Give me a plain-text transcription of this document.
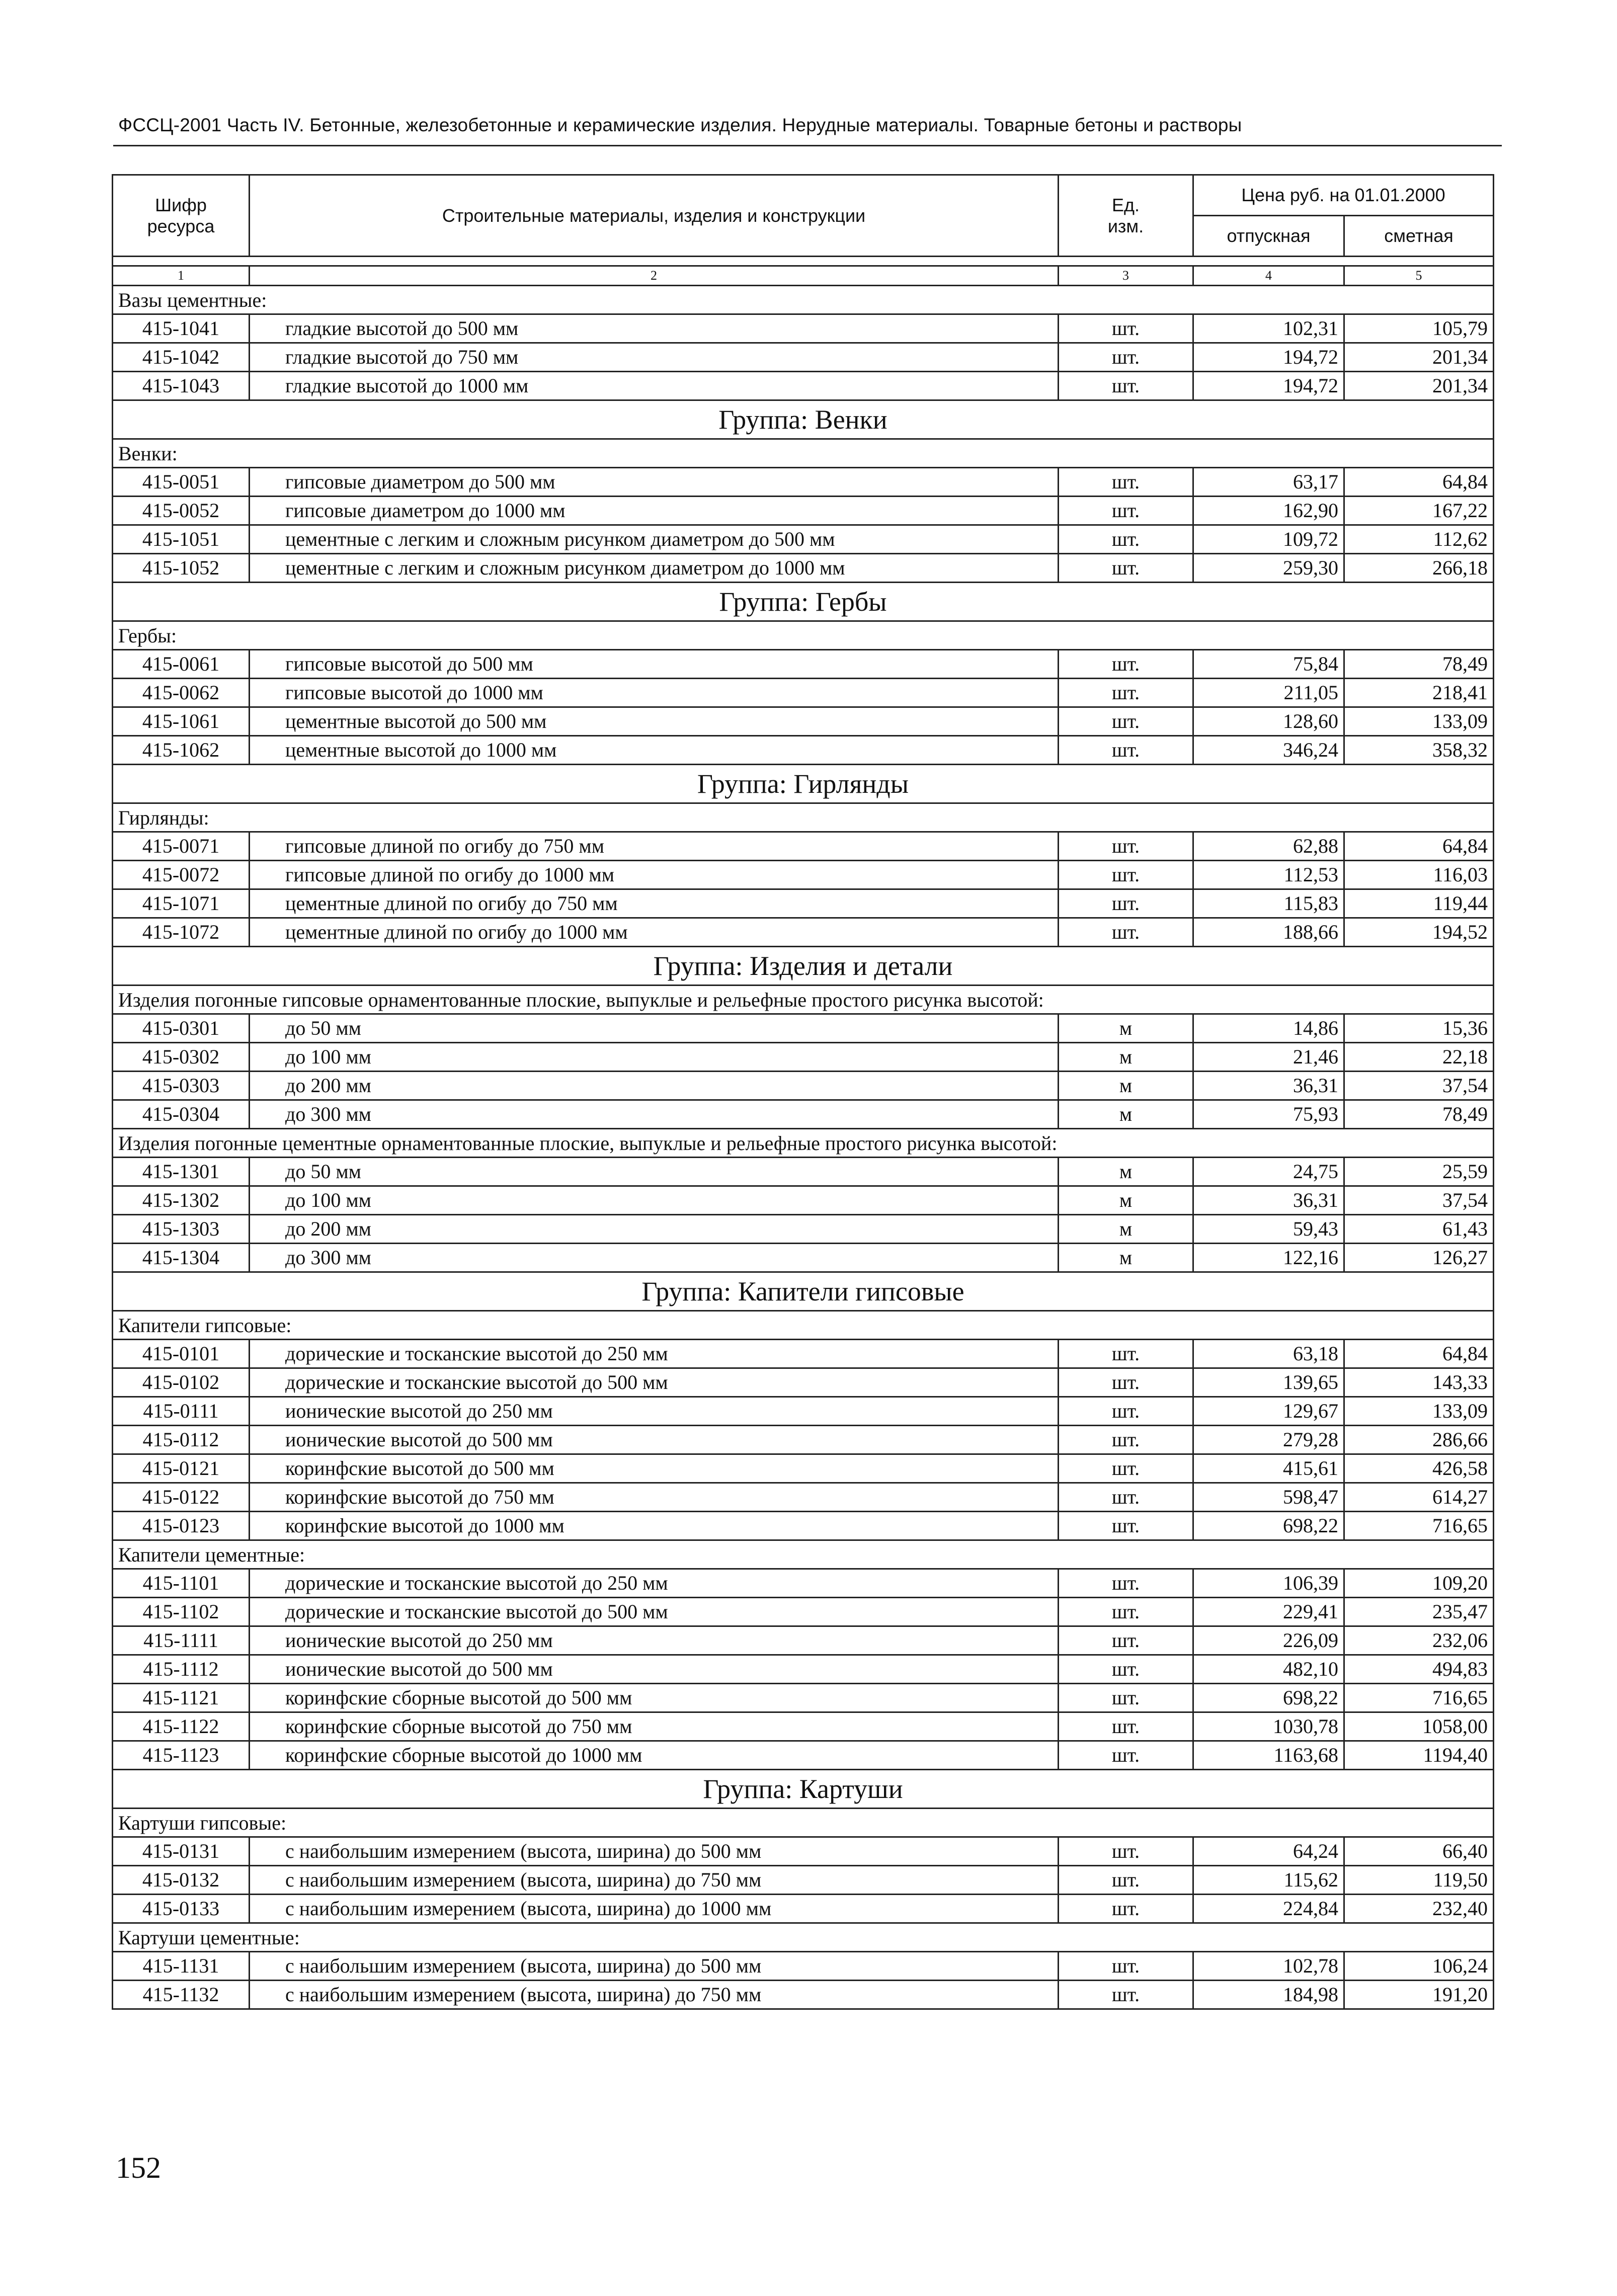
ФССЦ-2001 Часть IV. Бетонные, железобетонные и керамические изделия. Нерудные материалы. Товарные бетоны и растворы
Шифр ресурса	Строительные материалы, изделия и конструкции	Ед. изм.	Цена руб. на 01.01.2000	
			отпускная	сметная

1	2	3	4	5
Вазы цементные:				
415-1041	гладкие высотой до 500 мм	шт.	102,31	105,79
415-1042	гладкие высотой до 750 мм	шт.	194,72	201,34
415-1043	гладкие высотой до 1000 мм	шт.	194,72	201,34
Группа: Венки				
Венки:				
415-0051	гипсовые диаметром до 500 мм	шт.	63,17	64,84
415-0052	гипсовые диаметром до 1000 мм	шт.	162,90	167,22
415-1051	цементные с легким и сложным рисунком диаметром до 500 мм	шт.	109,72	112,62
415-1052	цементные с легким и сложным рисунком диаметром до 1000 мм	шт.	259,30	266,18
Группа: Гербы				
Гербы:				
415-0061	гипсовые высотой до 500 мм	шт.	75,84	78,49
415-0062	гипсовые высотой до 1000 мм	шт.	211,05	218,41
415-1061	цементные высотой до 500 мм	шт.	128,60	133,09
415-1062	цементные высотой до 1000 мм	шт.	346,24	358,32
Группа: Гирлянды				
Гирлянды:				
415-0071	гипсовые длиной по огибу до 750 мм	шт.	62,88	64,84
415-0072	гипсовые длиной по огибу до 1000 мм	шт.	112,53	116,03
415-1071	цементные длиной по огибу до 750 мм	шт.	115,83	119,44
415-1072	цементные длиной по огибу до 1000 мм	шт.	188,66	194,52
Группа: Изделия и детали				
Изделия погонные гипсовые орнаментованные плоские, выпуклые и рельефные простого рисунка высотой:				
415-0301	до 50 мм	м	14,86	15,36
415-0302	до 100 мм	м	21,46	22,18
415-0303	до 200 мм	м	36,31	37,54
415-0304	до 300 мм	м	75,93	78,49
Изделия погонные цементные орнаментованные плоские, выпуклые и рельефные простого рисунка высотой:				
415-1301	до 50 мм	м	24,75	25,59
415-1302	до 100 мм	м	36,31	37,54
415-1303	до 200 мм	м	59,43	61,43
415-1304	до 300 мм	м	122,16	126,27
Группа: Капители гипсовые				
Капители гипсовые:				
415-0101	дорические и тосканские высотой до 250 мм	шт.	63,18	64,84
415-0102	дорические и тосканские высотой до 500 мм	шт.	139,65	143,33
415-0111	ионические высотой до 250 мм	шт.	129,67	133,09
415-0112	ионические высотой до 500 мм	шт.	279,28	286,66
415-0121	коринфские высотой до 500 мм	шт.	415,61	426,58
415-0122	коринфские высотой до 750 мм	шт.	598,47	614,27
415-0123	коринфские высотой до 1000 мм	шт.	698,22	716,65
Капители цементные:				
415-1101	дорические и тосканские высотой до 250 мм	шт.	106,39	109,20
415-1102	дорические и тосканские высотой до 500 мм	шт.	229,41	235,47
415-1111	ионические высотой до 250 мм	шт.	226,09	232,06
415-1112	ионические высотой до 500 мм	шт.	482,10	494,83
415-1121	коринфские сборные высотой до 500 мм	шт.	698,22	716,65
415-1122	коринфские сборные высотой до 750 мм	шт.	1030,78	1058,00
415-1123	коринфские сборные высотой до 1000 мм	шт.	1163,68	1194,40
Группа: Картуши				
Картуши гипсовые:				
415-0131	с наибольшим измерением (высота, ширина) до 500 мм	шт.	64,24	66,40
415-0132	с наибольшим измерением (высота, ширина) до 750 мм	шт.	115,62	119,50
415-0133	с наибольшим измерением (высота, ширина) до 1000 мм	шт.	224,84	232,40
Картуши цементные:				
415-1131	с наибольшим измерением (высота, ширина) до 500 мм	шт.	102,78	106,24
415-1132	с наибольшим измерением (высота, ширина) до 750 мм	шт.	184,98	191,20
152
